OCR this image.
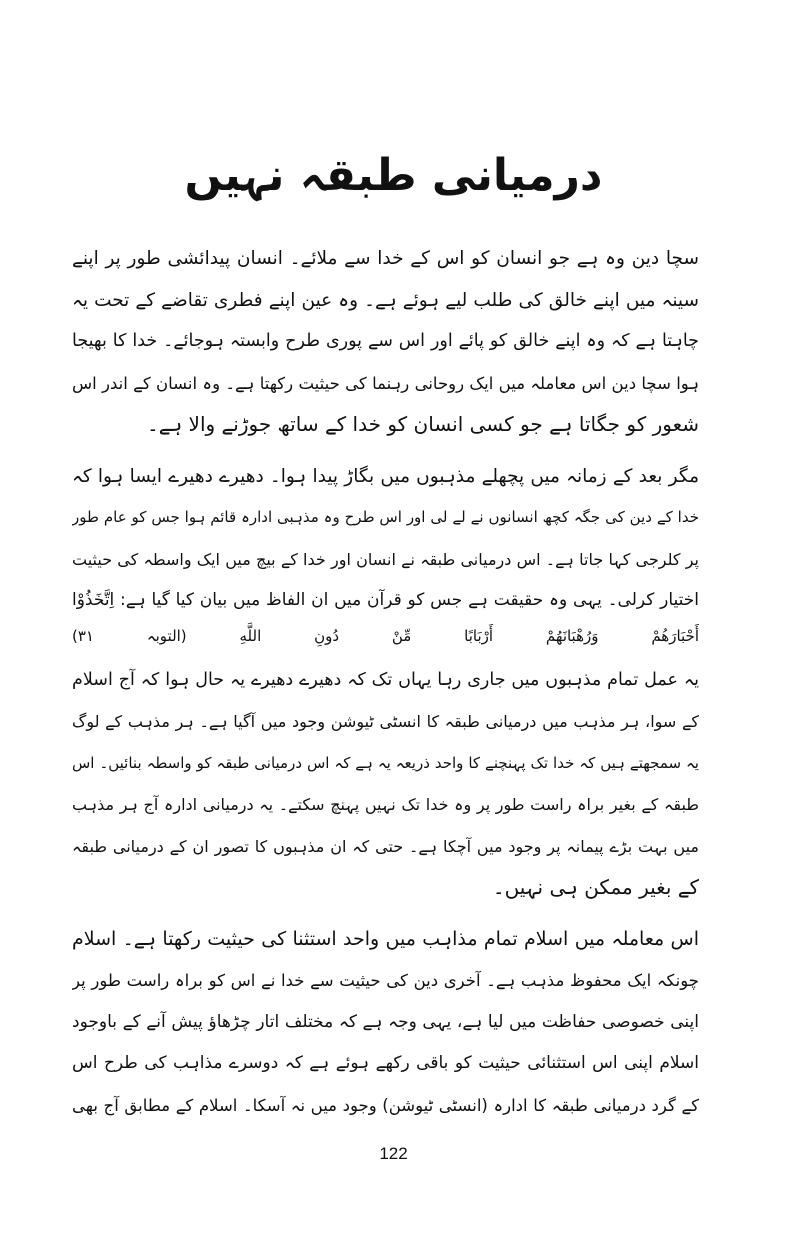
درمیانی طبقہ نہیں
سچا دین وہ ہے جو انسان کو اس کے خدا سے ملائے۔ انسان پیدائشی طور پر اپنے
سینہ میں اپنے خالق کی طلب لیے ہوئے ہے۔ وہ عین اپنے فطری تقاضے کے تحت یہ
چاہتا ہے کہ وہ اپنے خالق کو پائے اور اس سے پوری طرح وابستہ ہوجائے۔ خدا کا بھیجا
ہوا سچا دین اس معاملہ میں ایک روحانی رہنما کی حیثیت رکھتا ہے۔ وہ انسان کے اندر اس
شعور کو جگاتا ہے جو کسی انسان کو خدا کے ساتھ جوڑنے والا ہے۔
مگر بعد کے زمانہ میں پچھلے مذہبوں میں بگاڑ پیدا ہوا۔ دھیرے دھیرے ایسا ہوا کہ
خدا کے دین کی جگہ کچھ انسانوں نے لے لی اور اس طرح وہ مذہبی ادارہ قائم ہوا جس کو عام طور
پر کلرجی کہا جاتا ہے۔ اس درمیانی طبقہ نے انسان اور خدا کے بیچ میں ایک واسطہ کی حیثیت
اختیار کرلی۔ یہی وہ حقیقت ہے جس کو قرآن میں ان الفاظ میں بیان کیا گیا ہے: اِتَّخَذُوْا
أَحْبَارَهُمْ وَرُهْبَانَهُمْ أَرْبَابًا مِّنْ دُونِ اللَّهِ (التوبہ ۳۱)
یہ عمل تمام مذہبوں میں جاری رہا یہاں تک کہ دھیرے دھیرے یہ حال ہوا کہ آج اسلام
کے سوا، ہر مذہب میں درمیانی طبقہ کا انسٹی ٹیوشن وجود میں آگیا ہے۔ ہر مذہب کے لوگ
یہ سمجھتے ہیں کہ خدا تک پہنچنے کا واحد ذریعہ یہ ہے کہ اس درمیانی طبقہ کو واسطہ بنائیں۔ اس
طبقہ کے بغیر براہ راست طور پر وہ خدا تک نہیں پہنچ سکتے۔ یہ درمیانی ادارہ آج ہر مذہب
میں بہت بڑے پیمانہ پر وجود میں آچکا ہے۔ حتی کہ ان مذہبوں کا تصور ان کے درمیانی طبقہ
کے بغیر ممکن ہی نہیں۔
اس معاملہ میں اسلام تمام مذاہب میں واحد استثنا کی حیثیت رکھتا ہے۔ اسلام
چونکہ ایک محفوظ مذہب ہے۔ آخری دین کی حیثیت سے خدا نے اس کو براہ راست طور پر
اپنی خصوصی حفاظت میں لیا ہے، یہی وجہ ہے کہ مختلف اتار چڑھاؤ پیش آنے کے باوجود
اسلام اپنی اس استثنائی حیثیت کو باقی رکھے ہوئے ہے کہ دوسرے مذاہب کی طرح اس
کے گرد درمیانی طبقہ کا ادارہ (انسٹی ٹیوشن) وجود میں نہ آسکا۔ اسلام کے مطابق آج بھی
122
